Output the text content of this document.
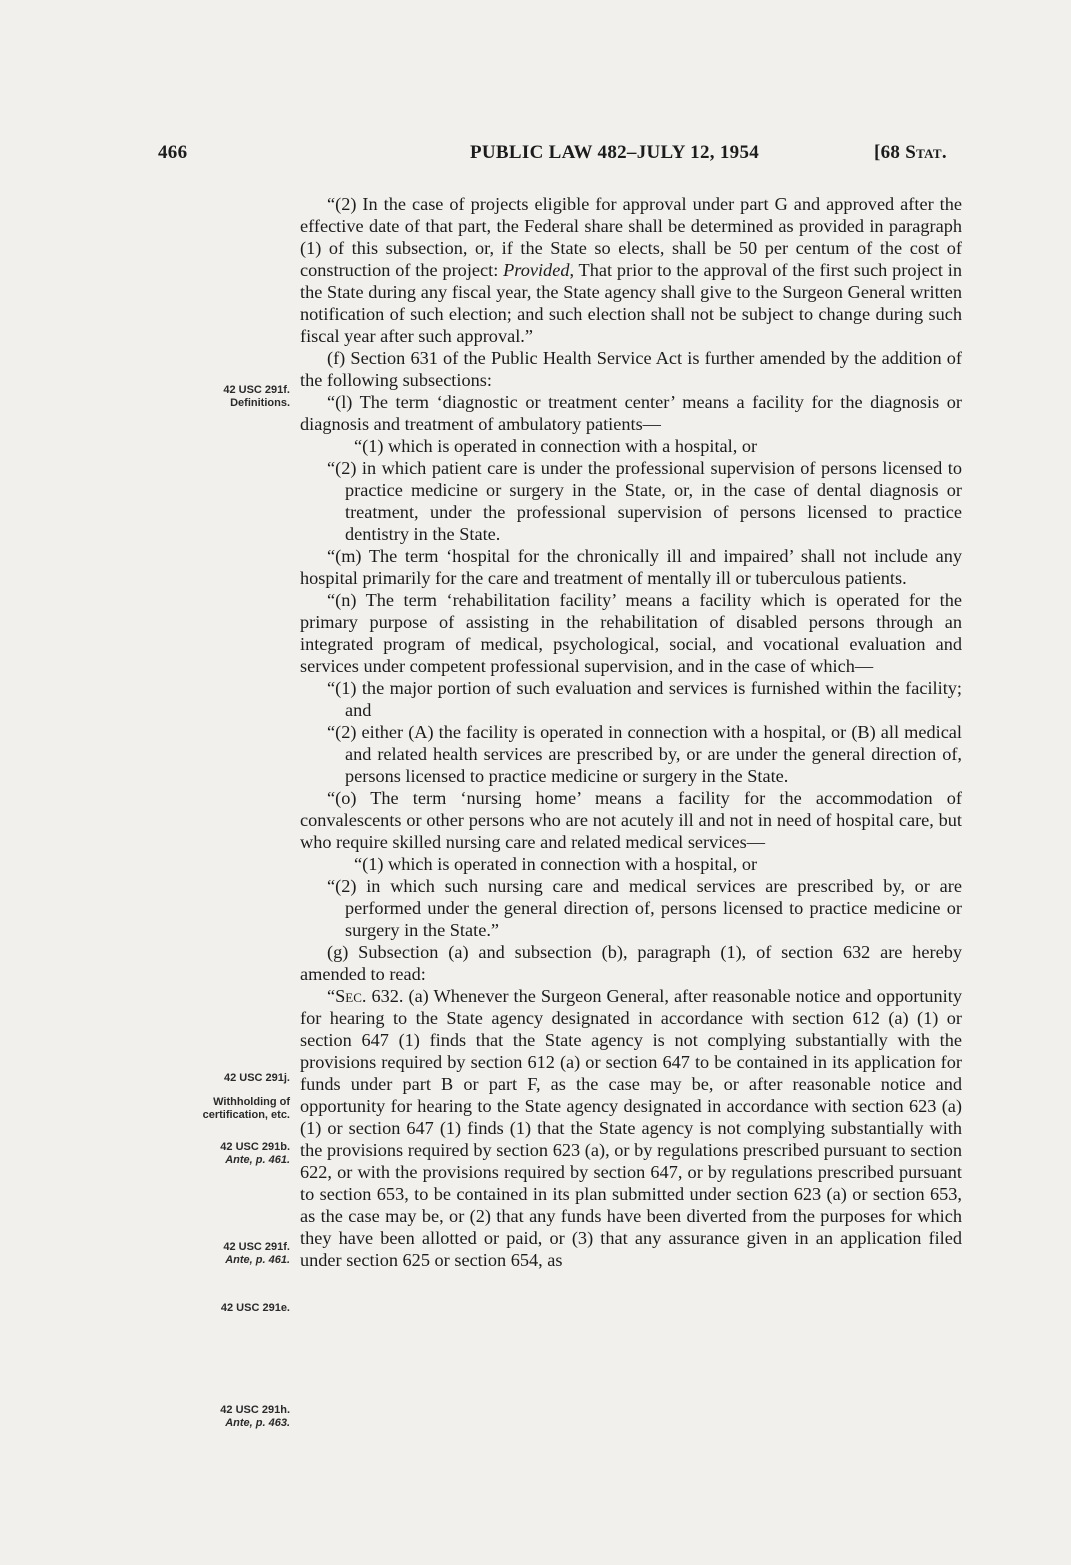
466	PUBLIC LAW 482–JULY 12, 1954	[68 Stat.
42 USC 291f.
Definitions.
42 USC 291j.
Withholding of
certification, etc.
42 USC 291b.
Ante, p. 461.
42 USC 291f.
Ante, p. 461.
42 USC 291e.
42 USC 291h.
Ante, p. 463.

“(2) In the case of projects eligible for approval under part G and approved after the effective date of that part, the Federal share shall be determined as provided in paragraph (1) of this subsection, or, if the State so elects, shall be 50 per centum of the cost of construction of the project: Provided, That prior to the approval of the first such project in the State during any fiscal year, the State agency shall give to the Surgeon General written notification of such election; and such election shall not be subject to change during such fiscal year after such approval.”

(f) Section 631 of the Public Health Service Act is further amended by the addition of the following subsections:

“(l) The term ‘diagnostic or treatment center’ means a facility for the diagnosis or diagnosis and treatment of ambulatory patients—

“(1) which is operated in connection with a hospital, or

“(2) in which patient care is under the professional supervision of persons licensed to practice medicine or surgery in the State, or, in the case of dental diagnosis or treatment, under the professional supervision of persons licensed to practice dentistry in the State.

“(m) The term ‘hospital for the chronically ill and impaired’ shall not include any hospital primarily for the care and treatment of mentally ill or tuberculous patients.

“(n) The term ‘rehabilitation facility’ means a facility which is operated for the primary purpose of assisting in the rehabilitation of disabled persons through an integrated program of medical, psychological, social, and vocational evaluation and services under competent professional supervision, and in the case of which—

“(1) the major portion of such evaluation and services is furnished within the facility; and

“(2) either (A) the facility is operated in connection with a hospital, or (B) all medical and related health services are prescribed by, or are under the general direction of, persons licensed to practice medicine or surgery in the State.

“(o) The term ‘nursing home’ means a facility for the accommodation of convalescents or other persons who are not acutely ill and not in need of hospital care, but who require skilled nursing care and related medical services—

“(1) which is operated in connection with a hospital, or

“(2) in which such nursing care and medical services are prescribed by, or are performed under the general direction of, persons licensed to practice medicine or surgery in the State.”

(g) Subsection (a) and subsection (b), paragraph (1), of section 632 are hereby amended to read:

“Sec. 632. (a) Whenever the Surgeon General, after reasonable notice and opportunity for hearing to the State agency designated in accordance with section 612 (a) (1) or section 647 (1) finds that the State agency is not complying substantially with the provisions required by section 612 (a) or section 647 to be contained in its application for funds under part B or part F, as the case may be, or after reasonable notice and opportunity for hearing to the State agency designated in accordance with section 623 (a) (1) or section 647 (1) finds (1) that the State agency is not complying substantially with the provisions required by section 623 (a), or by regulations prescribed pursuant to section 622, or with the provisions required by section 647, or by regulations prescribed pursuant to section 653, to be contained in its plan submitted under section 623 (a) or section 653, as the case may be, or (2) that any funds have been diverted from the purposes for which they have been allotted or paid, or (3) that any assurance given in an application filed under section 625 or section 654, as
